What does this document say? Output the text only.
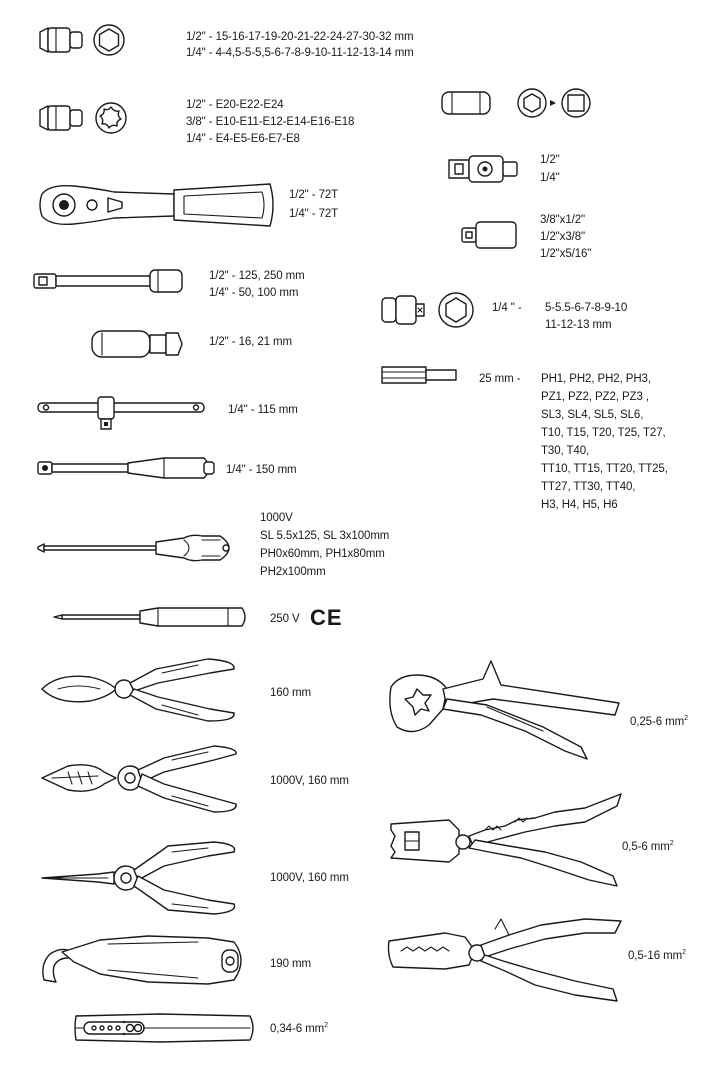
1/2" - 15-16-17-19-20-21-22-24-27-30-32 mm
1/4" - 4-4,5-5-5,5-6-7-8-9-10-11-12-13-14 mm
1/2" - E20-E22-E24
3/8" - E10-E11-E12-E14-E16-E18
1/4" - E4-E5-E6-E7-E8
1/2"
1/4"
1/2" - 72T
1/4" - 72T	3/8"x1/2"
1/2"x3/8"
1/2"x5/16"
1/2" - 125, 250 mm
1/4" - 50, 100 mm
1/4 " - 5-5.5-6-7-8-9-10
11-12-13 mm
1/2" - 16, 21 mm
25 mm - PH1, PH2, PH2, PH3,
PZ1, PZ2, PZ2, PZ3 ,
SL3, SL4, SL5, SL6,
T10, T15, T20, T25, T27,
T30, T40,
TT10, TT15, TT20, TT25,
TT27, TT30, TT40,
H3, H4, H5, H6
1/4" - 115 mm
1/4" - 150 mm
1000V
SL 5.5x125, SL 3x100mm
PH0x60mm, PH1x80mm
PH2x100mm
250 V CE
160 mm
0,25-6 $mm^2$
1000V, 160 mm
0,5-6 $mm^2$
1000V, 160 mm
0,5-16 $mm^2$
190 mm
0,34-6 $mm^2$
